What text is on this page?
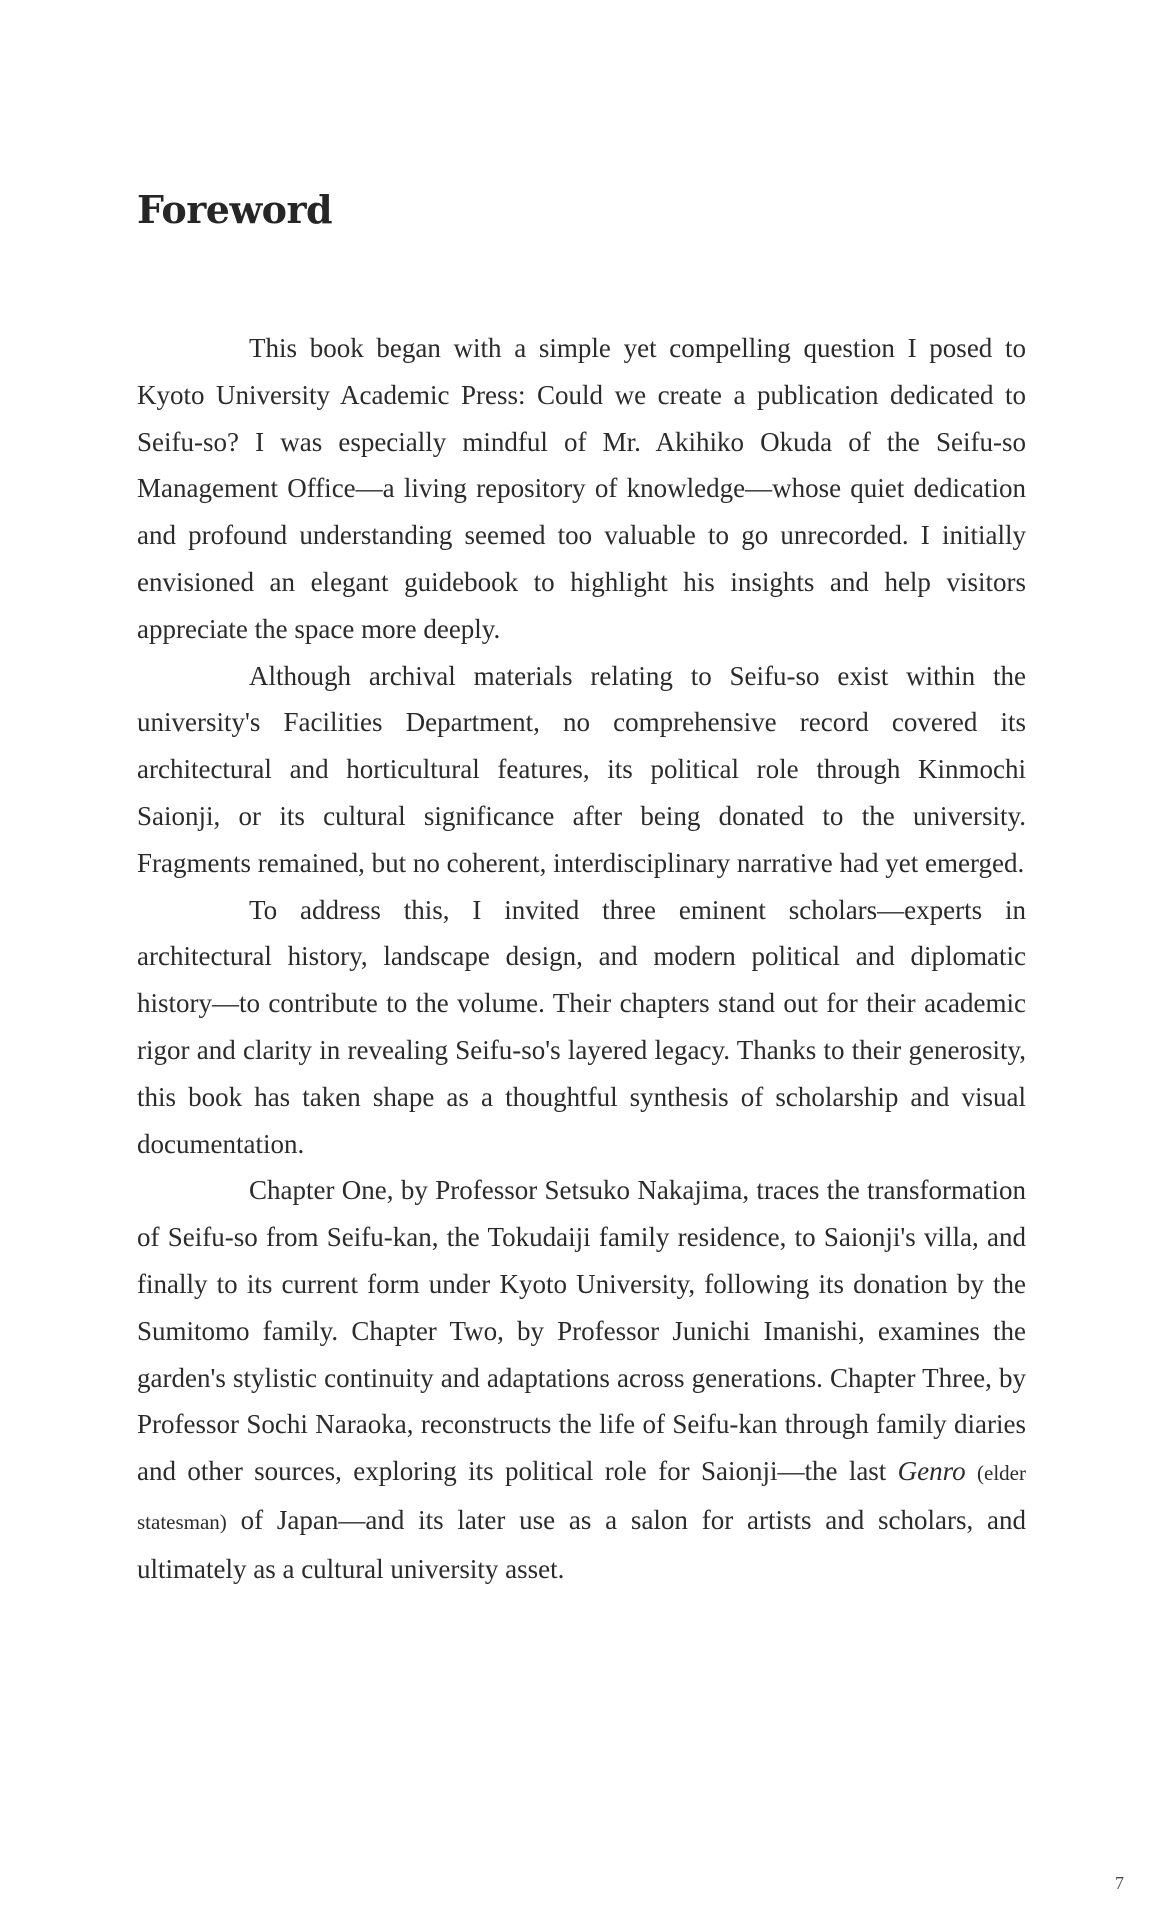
Foreword

This book began with a simple yet compelling question I posed to Kyoto University Academic Press: Could we create a publication dedicated to Seifu-so? I was especially mindful of Mr. Akihiko Okuda of the Seifu-so Management Office—a living repository of knowledge—whose quiet dedication and profound understanding seemed too valuable to go unrecorded. I initially envisioned an elegant guidebook to highlight his insights and help visitors appreciate the space more deeply.

Although archival materials relating to Seifu-so exist within the university's Facilities Department, no comprehensive record covered its architectural and horticultural features, its political role through Kinmochi Saionji, or its cultural significance after being donated to the university. Fragments remained, but no coherent, interdisciplinary narrative had yet emerged.

To address this, I invited three eminent scholars—experts in architectural history, landscape design, and modern political and diplomatic history—to contribute to the volume. Their chapters stand out for their academic rigor and clarity in revealing Seifu-so's layered legacy. Thanks to their generosity, this book has taken shape as a thoughtful synthesis of scholarship and visual documentation.

Chapter One, by Professor Setsuko Nakajima, traces the transformation of Seifu-so from Seifu-kan, the Tokudaiji family residence, to Saionji's villa, and finally to its current form under Kyoto University, following its donation by the Sumitomo family. Chapter Two, by Professor Junichi Imanishi, examines the garden's stylistic continuity and adaptations across generations. Chapter Three, by Professor Sochi Naraoka, reconstructs the life of Seifu-kan through family diaries and other sources, exploring its political role for Saionji—the last Genro (elder statesman) of Japan—and its later use as a salon for artists and scholars, and ultimately as a cultural university asset.

7
